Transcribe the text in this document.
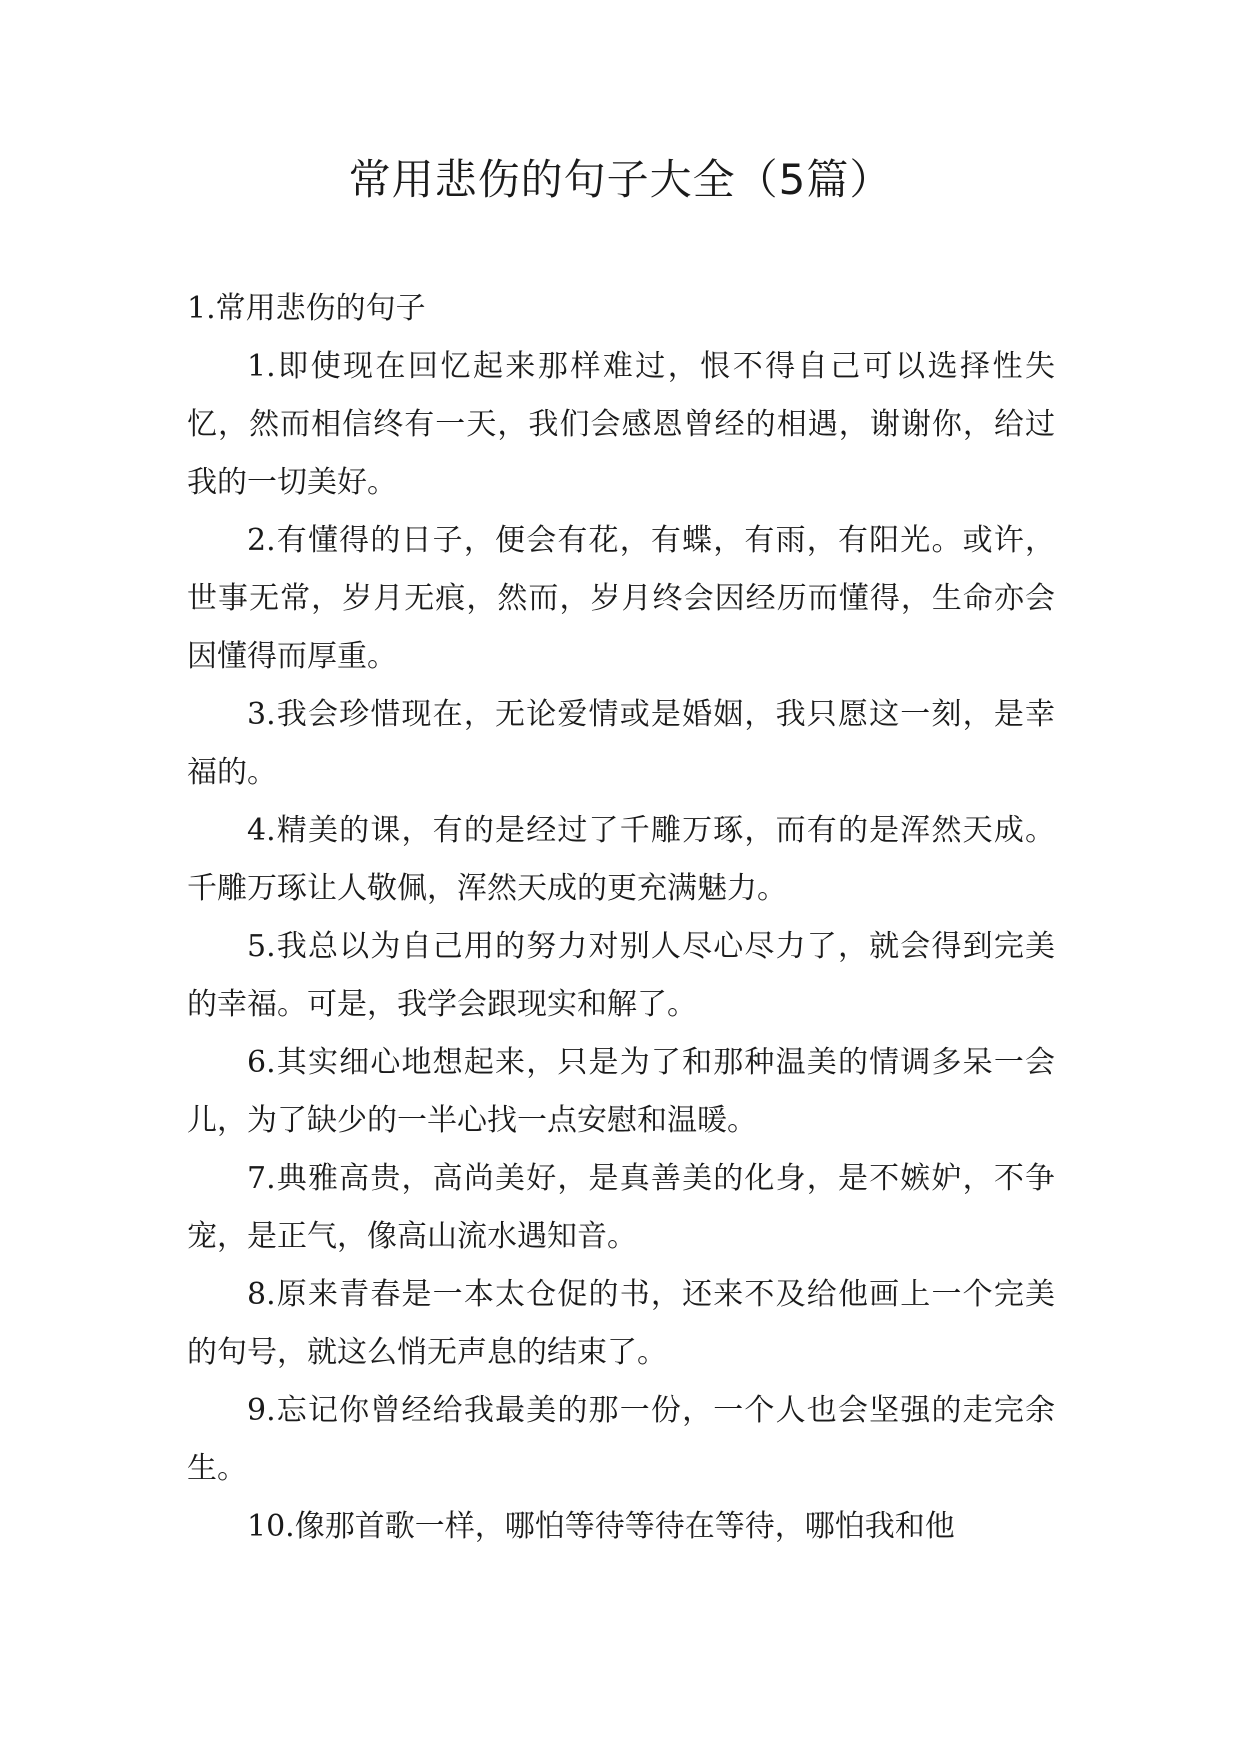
常用悲伤的句子大全（5篇）

1.常用悲伤的句子

1.即使现在回忆起来那样难过，恨不得自己可以选择性失忆，然而相信终有一天，我们会感恩曾经的相遇，谢谢你，给过我的一切美好。

2.有懂得的日子，便会有花，有蝶，有雨，有阳光。或许，世事无常，岁月无痕，然而，岁月终会因经历而懂得，生命亦会因懂得而厚重。

3.我会珍惜现在，无论爱情或是婚姻，我只愿这一刻，是幸福的。

4.精美的课，有的是经过了千雕万琢，而有的是浑然天成。千雕万琢让人敬佩，浑然天成的更充满魅力。

5.我总以为自己用的努力对别人尽心尽力了，就会得到完美的幸福。可是，我学会跟现实和解了。

6.其实细心地想起来，只是为了和那种温美的情调多呆一会儿，为了缺少的一半心找一点安慰和温暖。

7.典雅高贵，高尚美好，是真善美的化身，是不嫉妒，不争宠，是正气，像高山流水遇知音。

8.原来青春是一本太仓促的书，还来不及给他画上一个完美的句号，就这么悄无声息的结束了。

9.忘记你曾经给我最美的那一份，一个人也会坚强的走完余生。

10.像那首歌一样，哪怕等待等待在等待，哪怕我和他
